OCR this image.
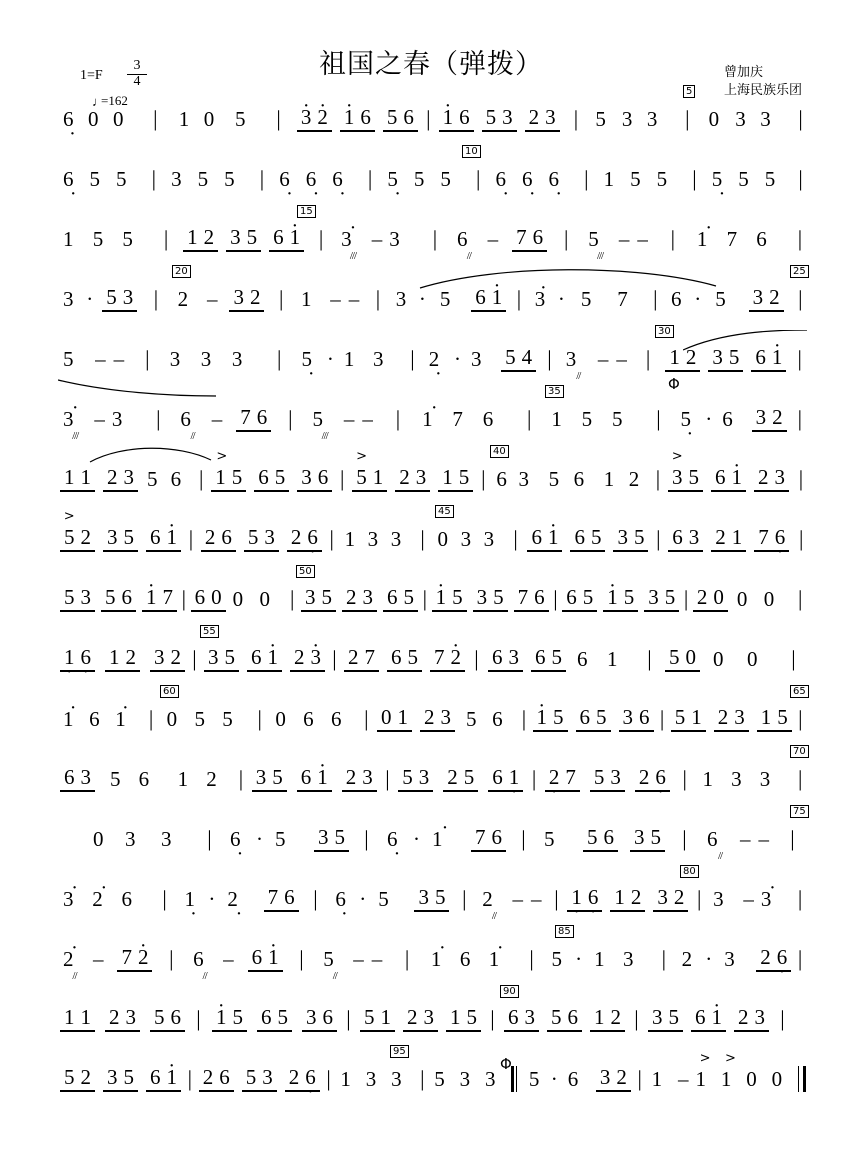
祖国之春（弹拨）
$1=F \frac{3}{4}$
♩=162
曾加庆
上海民族乐团
5
10
15
20	25
30
35
40
45
50
55
60	65
70
75
80
85
90
95
Φ
Φ
6 · 0 0	| 1 0 5	| · 3 · 2 · 1 6 5 6 | · 1 6 5 3 2 3 | 5 3 3	| 0 3 3	|
6 · 5 5	| 3 5 5	| 6 · 6 · 6 ·	| 5 · 5 5	| 6 · 6 · 6 ·	| 1 5 5	| 5 · 5 5	|
1 5 5	| 1 2 3 5 6 · 1 | · 3 /// – 3	| 6 // – 7 6 | 5 /// – – | · 1 7 6	|
3 · 5 3 | 2 – 3 2 | 1 – – | 3 · 5	6 · 1 | · 3 · 5	7	| 6 · 5	3 2 |
5	– – | 3 3 3	| 5 · · 1 3	| 2 · · 3	5 4 | 3 //	– – | 1 2 3 5 6 · 1 |
· 3 /// – 3	| 6 // – 7 6 | 5 /// – – | · 1 7 6	| 1 5 5	| 5 · · 6	3 2 |
1 1 2 3 5 6 | > 1 5 6 5 3 6 | > 5 1 2 3 1 5 | 6 3 5 6 1 2 | > 3 5 6 · 1 2 3 |
> 5 2 3 5 6 · 1 | 2 6 5 3 2 6 · | 1 3 3 | 0 3 3 | 6 · 1 6 5 3 5 | 6 3 2 1 7 6 · |
5 3 5 6 · 1 7 | 6 0 0 0 | 3 5 2 3 6 5 | · 1 5 3 5 7 6 | 6 5 · 1 5 3 5 | 2 0 0 0	|
1 · 6 · 1 2 3 2 | 3 5 6 · 1 2 · 3 | 2 7 6 5 7 · 2 | 6 3 6 5 6 1	| 5 0 0	0	|
· 1 6 · 1	| 0 5 5	| 0 6 6	| 0 1 2 3 5 6 | · 1 5 6 5 3 6 | 5 1 2 3 1 5 |
6 3 5 6	1 2 | 3 5 6 · 1 2 3 | 5 3 2 5 6 1 · | 2 · 7 5 3 2 6 · | 1 3 3	|
0	3	3	| 6 · · 5	3 5 | 6 · · · 1	7 6 | 5	5 6 3 5 | 6 //	– – |
· 3 · 2 6	| 1 · · 2 ·	7 6 | 6 · · 5	3 5 | 2 // – – | 1 · 6 · 1 2 3 2 | 3 – · 3	|
· 2 // – 7 · 2 | 6 // – 6 · 1 | 5 // – – | · 1 6 · 1	| 5 · 1 3	| 2 · 3	2 6 · |
1 1 2 3 5 6 | · 1 5 6 5 3 6 | 5 1 2 3 1 5 | 6 3 5 6 1 2 | 3 5 6 · 1 2 3 |
5 2 3 5 6 · 1 | 2 6 5 3 2 6 · | 1 3 3 | 5 3 3	5 · 6	3 2 | 1 – > 1 > 1 0 0
